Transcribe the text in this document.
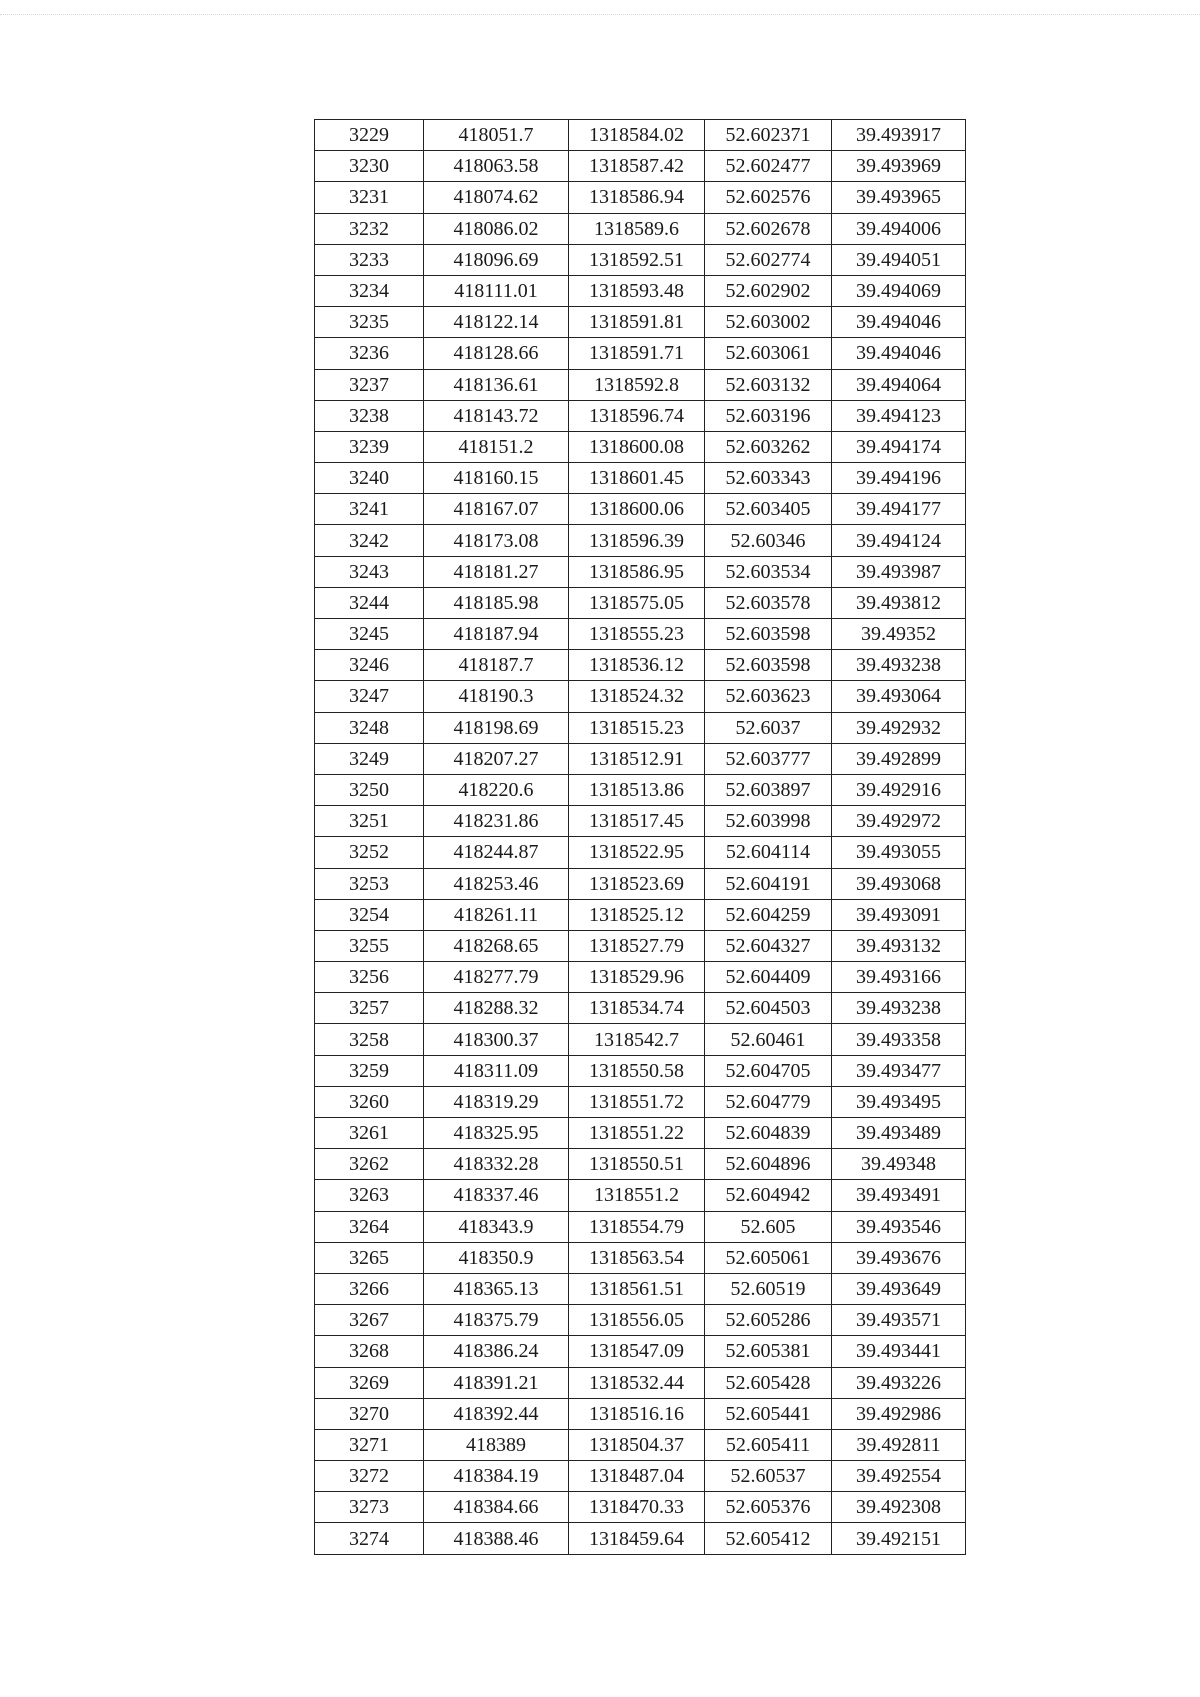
3229	418051.7	1318584.02	52.602371	39.493917
3230	418063.58	1318587.42	52.602477	39.493969
3231	418074.62	1318586.94	52.602576	39.493965
3232	418086.02	1318589.6	52.602678	39.494006
3233	418096.69	1318592.51	52.602774	39.494051
3234	418111.01	1318593.48	52.602902	39.494069
3235	418122.14	1318591.81	52.603002	39.494046
3236	418128.66	1318591.71	52.603061	39.494046
3237	418136.61	1318592.8	52.603132	39.494064
3238	418143.72	1318596.74	52.603196	39.494123
3239	418151.2	1318600.08	52.603262	39.494174
3240	418160.15	1318601.45	52.603343	39.494196
3241	418167.07	1318600.06	52.603405	39.494177
3242	418173.08	1318596.39	52.60346	39.494124
3243	418181.27	1318586.95	52.603534	39.493987
3244	418185.98	1318575.05	52.603578	39.493812
3245	418187.94	1318555.23	52.603598	39.49352
3246	418187.7	1318536.12	52.603598	39.493238
3247	418190.3	1318524.32	52.603623	39.493064
3248	418198.69	1318515.23	52.6037	39.492932
3249	418207.27	1318512.91	52.603777	39.492899
3250	418220.6	1318513.86	52.603897	39.492916
3251	418231.86	1318517.45	52.603998	39.492972
3252	418244.87	1318522.95	52.604114	39.493055
3253	418253.46	1318523.69	52.604191	39.493068
3254	418261.11	1318525.12	52.604259	39.493091
3255	418268.65	1318527.79	52.604327	39.493132
3256	418277.79	1318529.96	52.604409	39.493166
3257	418288.32	1318534.74	52.604503	39.493238
3258	418300.37	1318542.7	52.60461	39.493358
3259	418311.09	1318550.58	52.604705	39.493477
3260	418319.29	1318551.72	52.604779	39.493495
3261	418325.95	1318551.22	52.604839	39.493489
3262	418332.28	1318550.51	52.604896	39.49348
3263	418337.46	1318551.2	52.604942	39.493491
3264	418343.9	1318554.79	52.605	39.493546
3265	418350.9	1318563.54	52.605061	39.493676
3266	418365.13	1318561.51	52.60519	39.493649
3267	418375.79	1318556.05	52.605286	39.493571
3268	418386.24	1318547.09	52.605381	39.493441
3269	418391.21	1318532.44	52.605428	39.493226
3270	418392.44	1318516.16	52.605441	39.492986
3271	418389	1318504.37	52.605411	39.492811
3272	418384.19	1318487.04	52.60537	39.492554
3273	418384.66	1318470.33	52.605376	39.492308
3274	418388.46	1318459.64	52.605412	39.492151
